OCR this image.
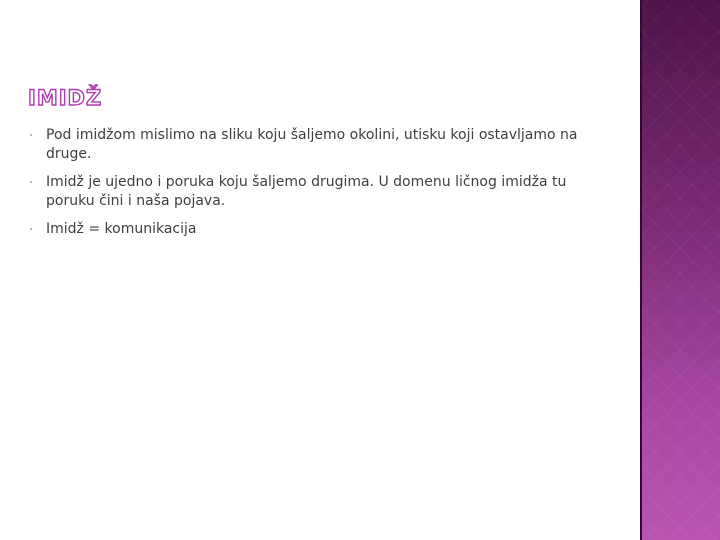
IMIDŽ
Pod imidžom mislimo na sliku koju šaljemo okolini, utisku koji ostavljamo na druge.
Imidž je ujedno i poruka koju šaljemo drugima. U domenu ličnog imidža tu poruku čini i naša pojava.
Imidž = komunikacija
